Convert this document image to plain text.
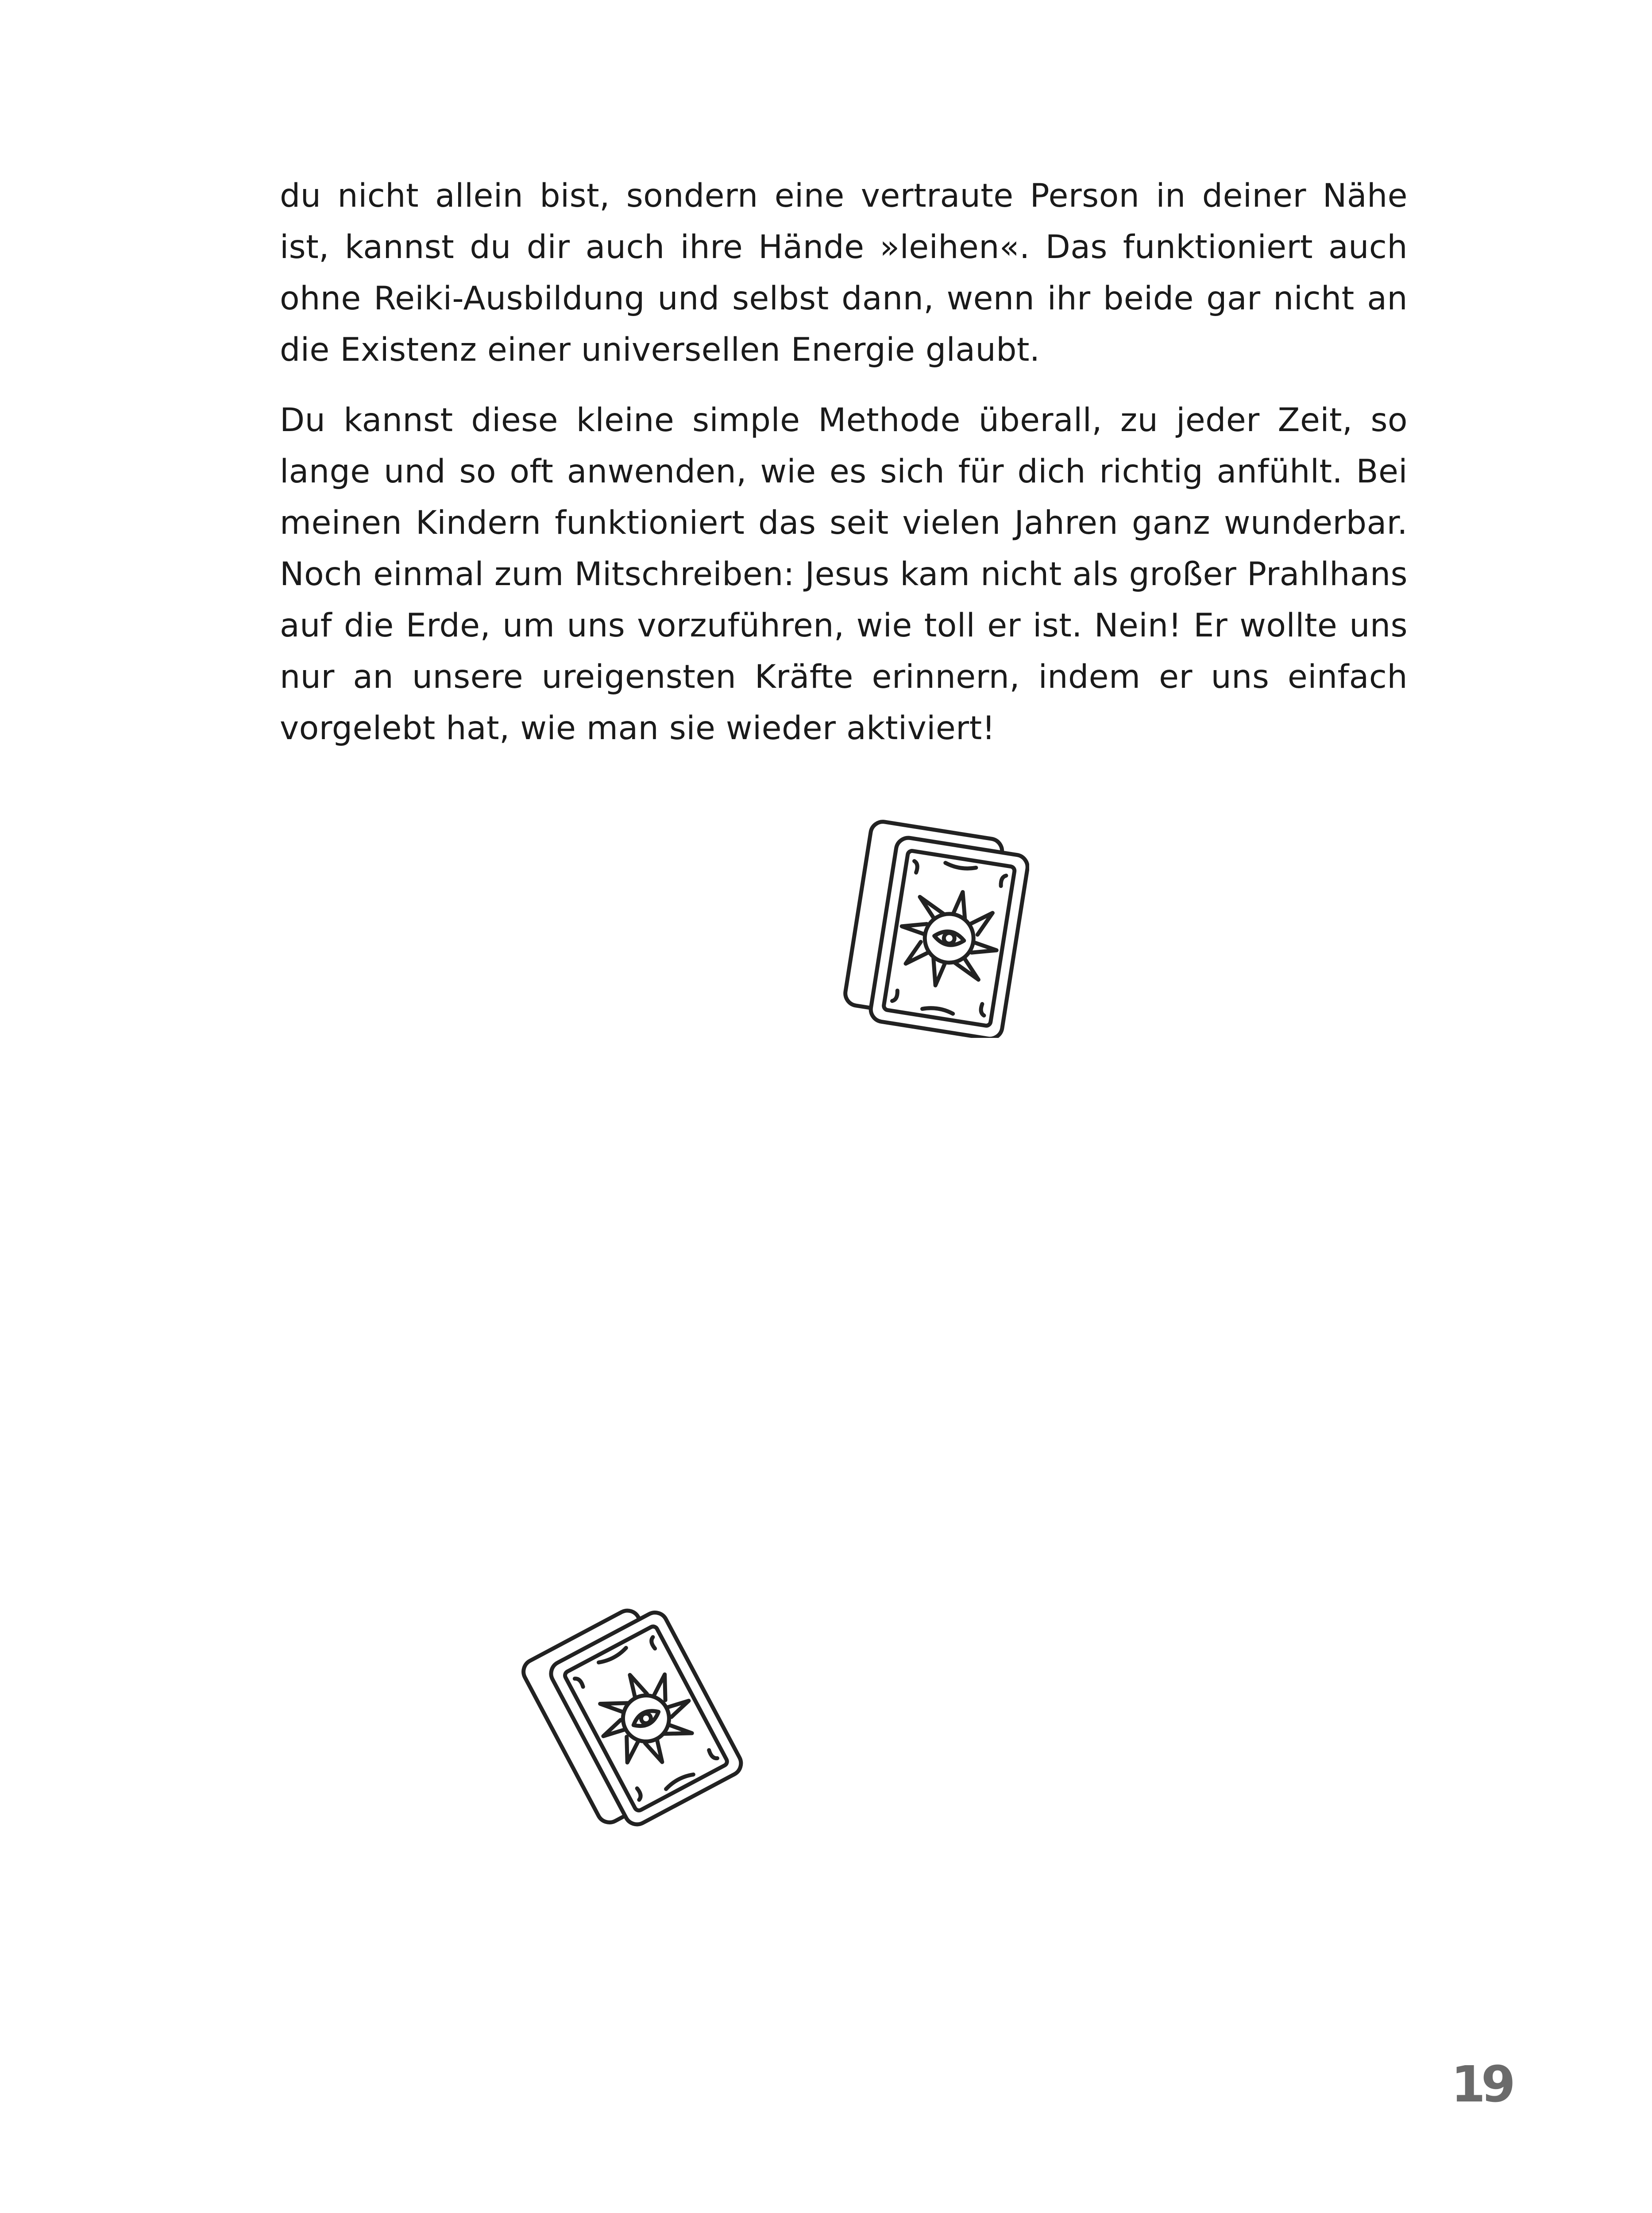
du nicht allein bist, sondern eine vertraute Person in deiner Nähe ist, kannst du dir auch ihre Hände »leihen«. Das funktioniert auch ohne Reiki-Ausbildung und selbst dann, wenn ihr beide gar nicht an die Existenz einer universellen Energie glaubt.

Du kannst diese kleine simple Methode überall, zu jeder Zeit, so lange und so oft anwenden, wie es sich für dich richtig anfühlt. Bei meinen Kindern funktioniert das seit vielen Jahren ganz wunderbar. Noch einmal zum Mitschreiben: Jesus kam nicht als großer Prahlhans auf die Erde, um uns vorzuführen, wie toll er ist. Nein! Er wollte uns nur an unsere ureigensten Kräfte erinnern, indem er uns einfach vorgelebt hat, wie man sie wieder aktiviert!

19
